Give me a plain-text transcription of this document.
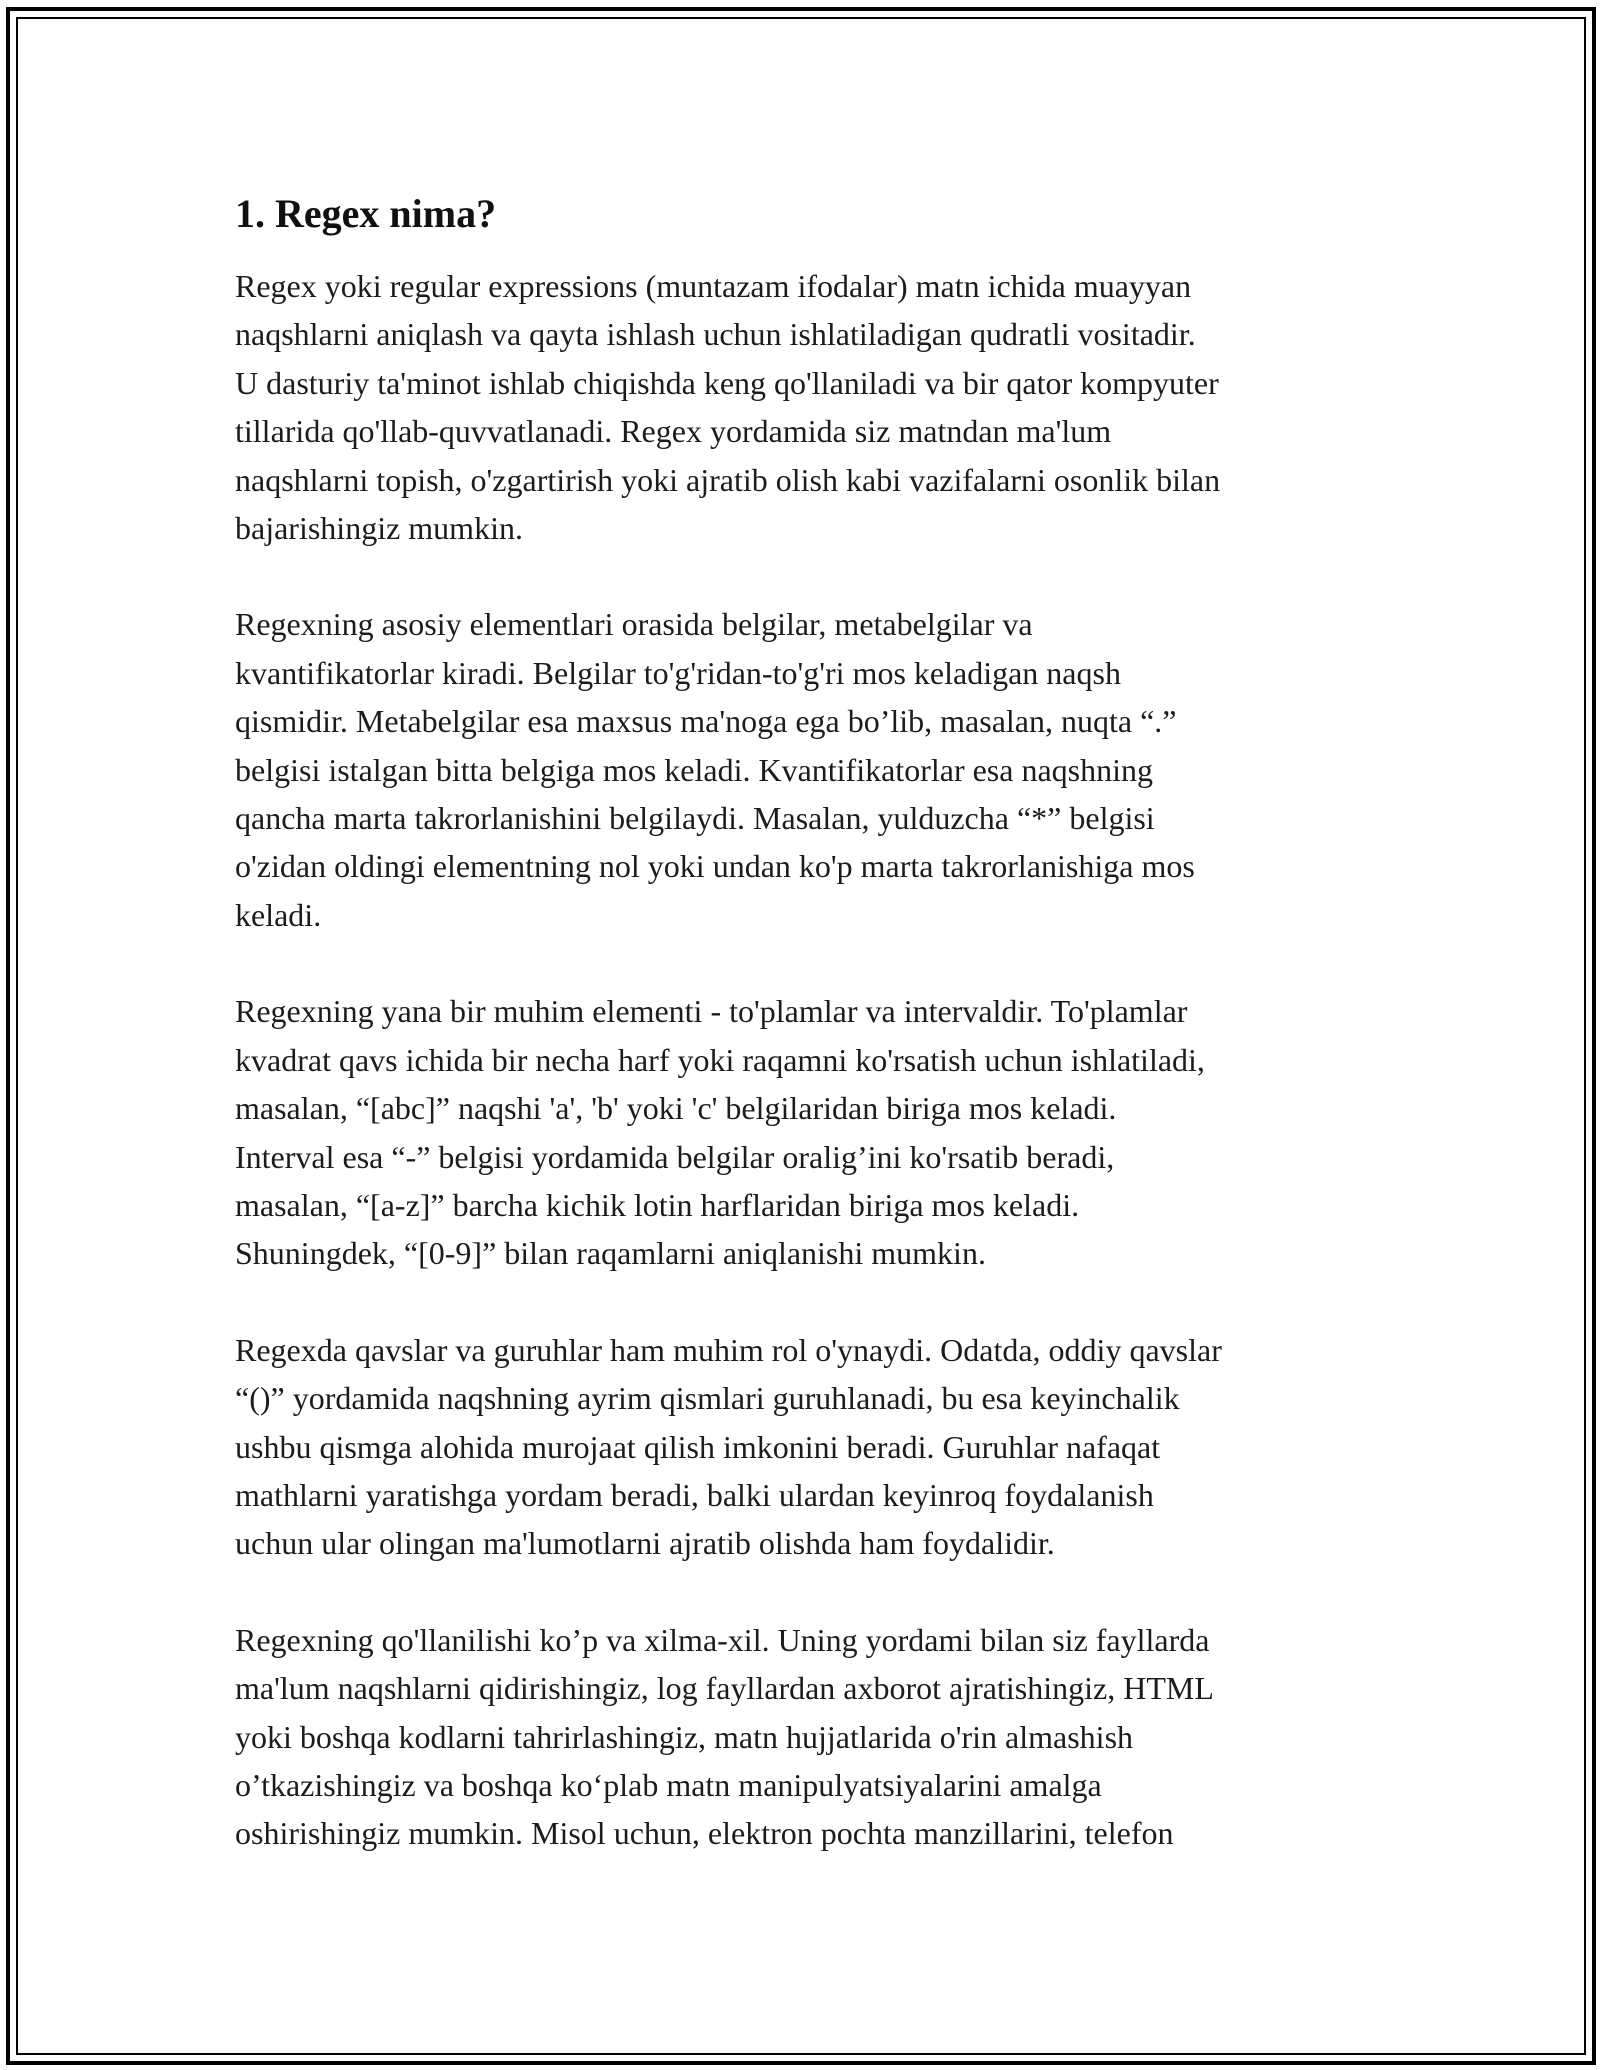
1. Regex nima?

Regex yoki regular expressions (muntazam ifodalar) matn ichida muayyan
naqshlarni aniqlash va qayta ishlash uchun ishlatiladigan qudratli vositadir.
U dasturiy ta'minot ishlab chiqishda keng qo'llaniladi va bir qator kompyuter
tillarida qo'llab-quvvatlanadi. Regex yordamida siz matndan ma'lum
naqshlarni topish, o'zgartirish yoki ajratib olish kabi vazifalarni osonlik bilan
bajarishingiz mumkin.

Regexning asosiy elementlari orasida belgilar, metabelgilar va
kvantifikatorlar kiradi. Belgilar to'g'ridan-to'g'ri mos keladigan naqsh
qismidir. Metabelgilar esa maxsus ma'noga ega bo’lib, masalan, nuqta “.”
belgisi istalgan bitta belgiga mos keladi. Kvantifikatorlar esa naqshning
qancha marta takrorlanishini belgilaydi. Masalan, yulduzcha “*” belgisi
o'zidan oldingi elementning nol yoki undan ko'p marta takrorlanishiga mos
keladi.

Regexning yana bir muhim elementi - to'plamlar va intervaldir. To'plamlar
kvadrat qavs ichida bir necha harf yoki raqamni ko'rsatish uchun ishlatiladi,
masalan, “[abc]” naqshi 'a', 'b' yoki 'c' belgilaridan biriga mos keladi.
Interval esa “-” belgisi yordamida belgilar oralig’ini ko'rsatib beradi,
masalan, “[a-z]” barcha kichik lotin harflaridan biriga mos keladi.
Shuningdek, “[0-9]” bilan raqamlarni aniqlanishi mumkin.

Regexda qavslar va guruhlar ham muhim rol o'ynaydi. Odatda, oddiy qavslar
“()” yordamida naqshning ayrim qismlari guruhlanadi, bu esa keyinchalik
ushbu qismga alohida murojaat qilish imkonini beradi. Guruhlar nafaqat
mathlarni yaratishga yordam beradi, balki ulardan keyinroq foydalanish
uchun ular olingan ma'lumotlarni ajratib olishda ham foydalidir.

Regexning qo'llanilishi ko’p va xilma-xil. Uning yordami bilan siz fayllarda
ma'lum naqshlarni qidirishingiz, log fayllardan axborot ajratishingiz, HTML
yoki boshqa kodlarni tahrirlashingiz, matn hujjatlarida o'rin almashish
o’tkazishingiz va boshqa ko‘plab matn manipulyatsiyalarini amalga
oshirishingiz mumkin. Misol uchun, elektron pochta manzillarini, telefon
